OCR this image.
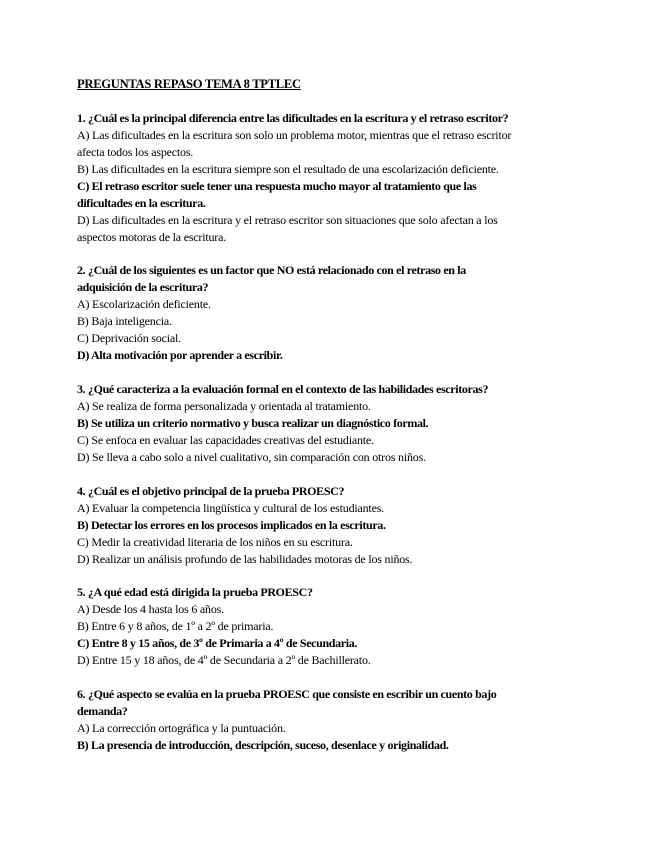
PREGUNTAS REPASO TEMA 8 TPTLEC
1. ¿Cuál es la principal diferencia entre las dificultades en la escritura y el retraso escritor?
A) Las dificultades en la escritura son solo un problema motor, mientras que el retraso escritor
afecta todos los aspectos.
B) Las dificultades en la escritura siempre son el resultado de una escolarización deficiente.
C) El retraso escritor suele tener una respuesta mucho mayor al tratamiento que las
dificultades en la escritura.
D) Las dificultades en la escritura y el retraso escritor son situaciones que solo afectan a los
aspectos motoras de la escritura.
2. ¿Cuál de los siguientes es un factor que NO está relacionado con el retraso en la
adquisición de la escritura?
A) Escolarización deficiente.
B) Baja inteligencia.
C) Deprivación social.
D) Alta motivación por aprender a escribir.
3. ¿Qué caracteriza a la evaluación formal en el contexto de las habilidades escritoras?
A) Se realiza de forma personalizada y orientada al tratamiento.
B) Se utiliza un criterio normativo y busca realizar un diagnóstico formal.
C) Se enfoca en evaluar las capacidades creativas del estudiante.
D) Se lleva a cabo solo a nivel cualitativo, sin comparación con otros niños.
4. ¿Cuál es el objetivo principal de la prueba PROESC?
A) Evaluar la competencia lingüística y cultural de los estudiantes.
B) Detectar los errores en los procesos implicados en la escritura.
C) Medir la creatividad literaria de los niños en su escritura.
D) Realizar un análisis profundo de las habilidades motoras de los niños.
5. ¿A qué edad está dirigida la prueba PROESC?
A) Desde los 4 hasta los 6 años.
B) Entre 6 y 8 años, de 1º a 2º de primaria.
C) Entre 8 y 15 años, de 3º de Primaria a 4º de Secundaria.
D) Entre 15 y 18 años, de 4º de Secundaria a 2º de Bachillerato.
6. ¿Qué aspecto se evalúa en la prueba PROESC que consiste en escribir un cuento bajo
demanda?
A) La corrección ortográfica y la puntuación.
B) La presencia de introducción, descripción, suceso, desenlace y originalidad.
